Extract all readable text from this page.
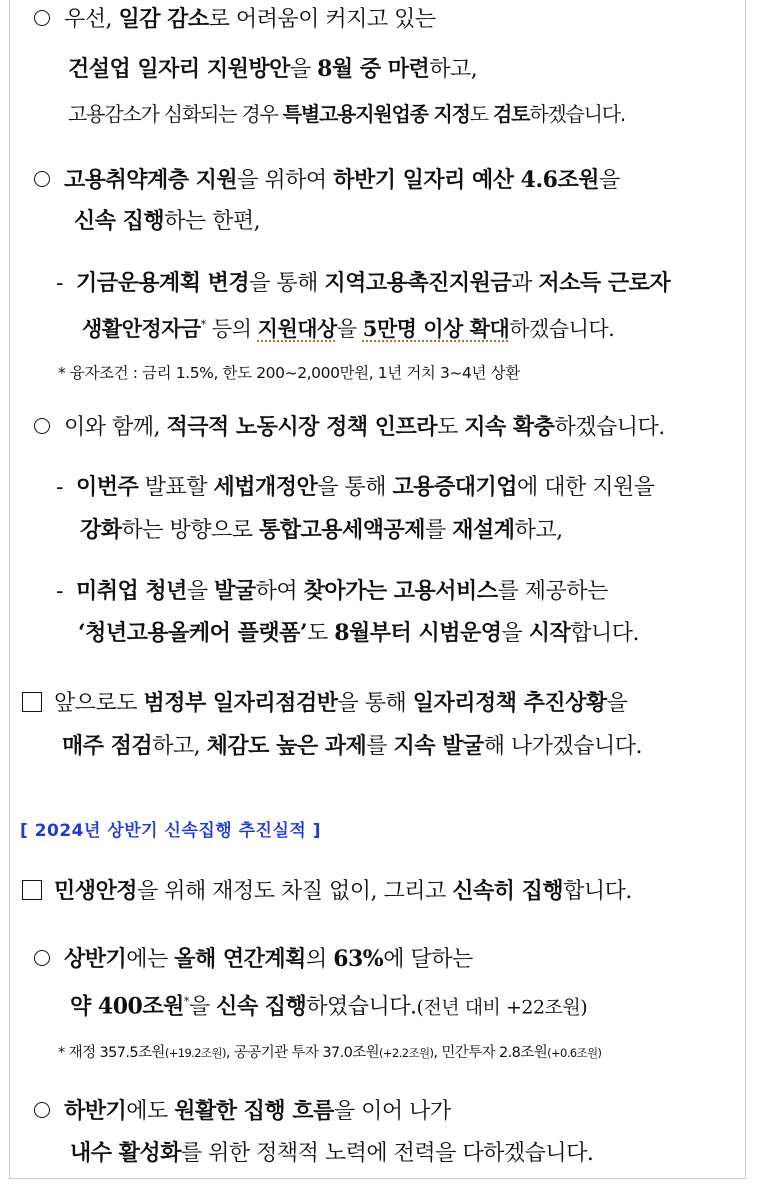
우선, 일감 감소로 어려움이 커지고 있는
건설업 일자리 지원방안을 8월 중 마련하고,
고용감소가 심화되는 경우 특별고용지원업종 지정도 검토하겠습니다.
고용취약계층 지원을 위하여 하반기 일자리 예산 4.6조원을
신속 집행하는 한편,
- 기금운용계획 변경을 통해 지역고용촉진지원금과 저소득 근로자
생활안정자금* 등의 지원대상을 5만명 이상 확대하겠습니다.
* 융자조건 : 금리 1.5%, 한도 200~2,000만원, 1년 거치 3~4년 상환
이와 함께, 적극적 노동시장 정책 인프라도 지속 확충하겠습니다.
- 이번주 발표할 세법개정안을 통해 고용증대기업에 대한 지원을
강화하는 방향으로 통합고용세액공제를 재설계하고,
- 미취업 청년을 발굴하여 찾아가는 고용서비스를 제공하는
‘청년고용올케어 플랫폼’도 8월부터 시범운영을 시작합니다.
앞으로도 범정부 일자리점검반을 통해 일자리정책 추진상황을
매주 점검하고, 체감도 높은 과제를 지속 발굴해 나가겠습니다.
[ 2024년 상반기 신속집행 추진실적 ]
민생안정을 위해 재정도 차질 없이, 그리고 신속히 집행합니다.
상반기에는 올해 연간계획의 63%에 달하는
약 400조원*을 신속 집행하였습니다.(전년 대비 +22조원)
* 재정 357.5조원(+19.2조원), 공공기관 투자 37.0조원(+2.2조원), 민간투자 2.8조원(+0.6조원)
하반기에도 원활한 집행 흐름을 이어 나가
내수 활성화를 위한 정책적 노력에 전력을 다하겠습니다.
